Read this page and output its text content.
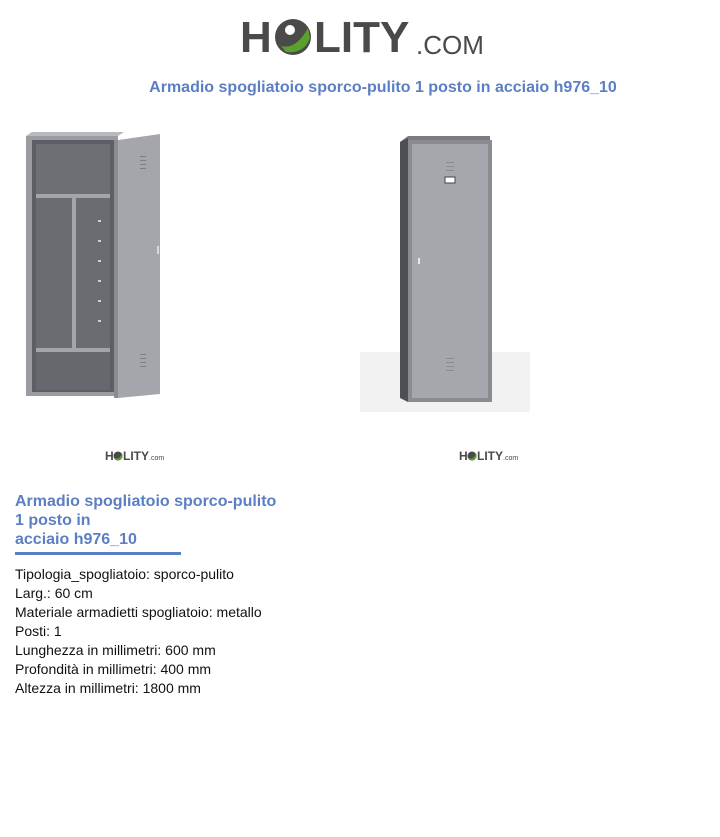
H LITY .COM
Armadio spogliatoio sporco-pulito 1 posto in acciaio h976_10
H LITY .com	H LITY .com
Armadio spogliatoio sporco-pulito
1 posto in
acciaio h976_10
Tipologia_spogliatoio: sporco-pulito
Larg.: 60 cm
Materiale armadietti spogliatoio: metallo
Posti: 1
Lunghezza in millimetri: 600 mm
Profondità in millimetri: 400 mm
Altezza in millimetri: 1800 mm
